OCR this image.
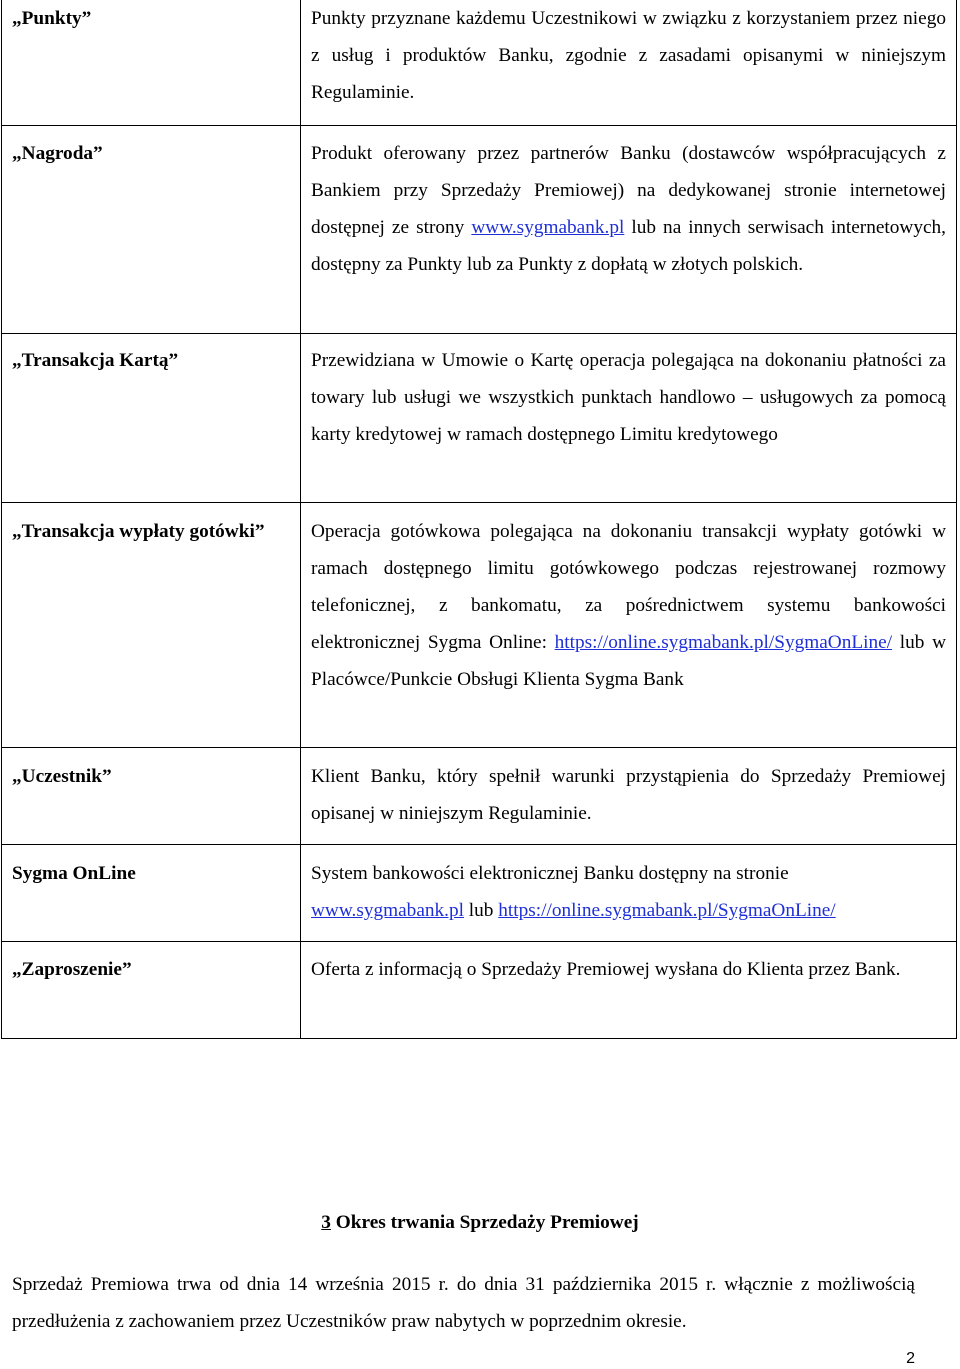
„Punkty”	Punkty przyznane każdemu Uczestnikowi w związku z korzystaniem przez niego z usług i produktów Banku, zgodnie z zasadami opisanymi w niniejszym Regulaminie.
„Nagroda”	Produkt oferowany przez partnerów Banku (dostawców współpracujących z Bankiem przy Sprzedaży Premiowej) na dedykowanej stronie internetowej dostępnej ze strony www.sygmabank.pl lub na innych serwisach internetowych, dostępny za Punkty lub za Punkty z dopłatą w złotych polskich.
„Transakcja Kartą”	Przewidziana w Umowie o Kartę operacja polegająca na dokonaniu płatności za towary lub usługi we wszystkich punktach handlowo – usługowych za pomocą karty kredytowej w ramach dostępnego Limitu kredytowego
„Transakcja wypłaty gotówki”	Operacja gotówkowa polegająca na dokonaniu transakcji wypłaty gotówki w ramach dostępnego limitu gotówkowego podczas rejestrowanej rozmowy telefonicznej, z bankomatu, za pośrednictwem systemu bankowości elektronicznej Sygma Online: https://online.sygmabank.pl/SygmaOnLine/ lub w Placówce/Punkcie Obsługi Klienta Sygma Bank
„Uczestnik”	Klient Banku, który spełnił warunki przystąpienia do Sprzedaży Premiowej opisanej w niniejszym Regulaminie.
Sygma OnLine	System bankowości elektronicznej Banku dostępny na stronie
www.sygmabank.pl lub https://online.sygmabank.pl/SygmaOnLine/
„Zaproszenie”	Oferta z informacją o Sprzedaży Premiowej wysłana do Klienta przez Bank.
3 Okres trwania Sprzedaży Premiowej
Sprzedaż Premiowa trwa od dnia 14 września 2015 r. do dnia 31 października 2015 r. włącznie z możliwością przedłużenia z zachowaniem przez Uczestników praw nabytych w poprzednim okresie.
2
